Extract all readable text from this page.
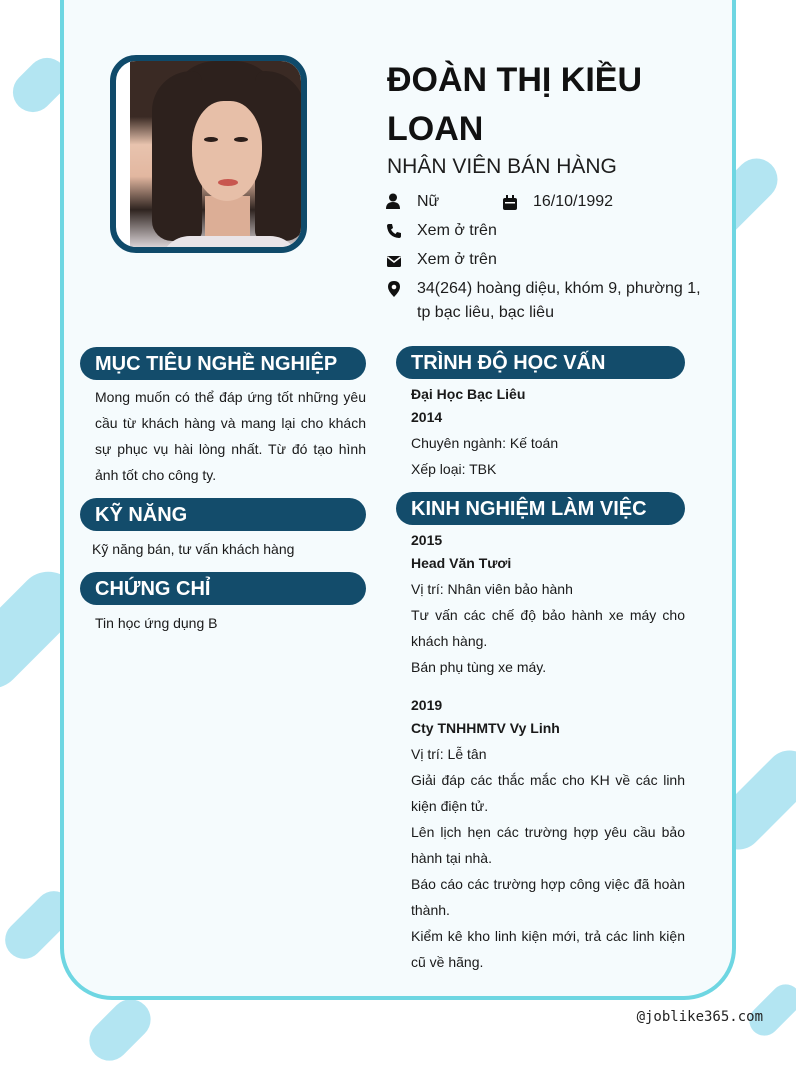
ĐOÀN THỊ KIỀU LOAN
NHÂN VIÊN BÁN HÀNG
Nữ	16/10/1992
Xem ở trên
Xem ở trên
34(264) hoàng diệu, khóm 9, phường 1, tp bạc liêu, bạc liêu
MỤC TIÊU NGHỀ NGHIỆP
Mong muốn có thể đáp ứng tốt những yêu cầu từ khách hàng và mang lại cho khách sự phục vụ hài lòng nhất. Từ đó tạo hình ảnh tốt cho công ty.
KỸ NĂNG
Kỹ năng bán, tư vấn khách hàng
CHỨNG CHỈ
Tin học ứng dụng B
TRÌNH ĐỘ HỌC VẤN
Đại Học Bạc Liêu
2014
Chuyên ngành: Kế toán
Xếp loại: TBK
KINH NGHIỆM LÀM VIỆC
2015
Head Văn Tươi
Vị trí: Nhân viên bảo hành
Tư vấn các chế độ bảo hành xe máy cho khách hàng.
Bán phụ tùng xe máy.
2019
Cty TNHHMTV Vy Linh
Vị trí: Lễ tân
Giải đáp các thắc mắc cho KH về các linh kiện điện tử.
Lên lịch hẹn các trường hợp yêu cầu bảo hành tại nhà.
Báo cáo các trường hợp công việc đã hoàn thành.
Kiểm kê kho linh kiện mới, trả các linh kiện cũ về hãng.
@joblike365.com
